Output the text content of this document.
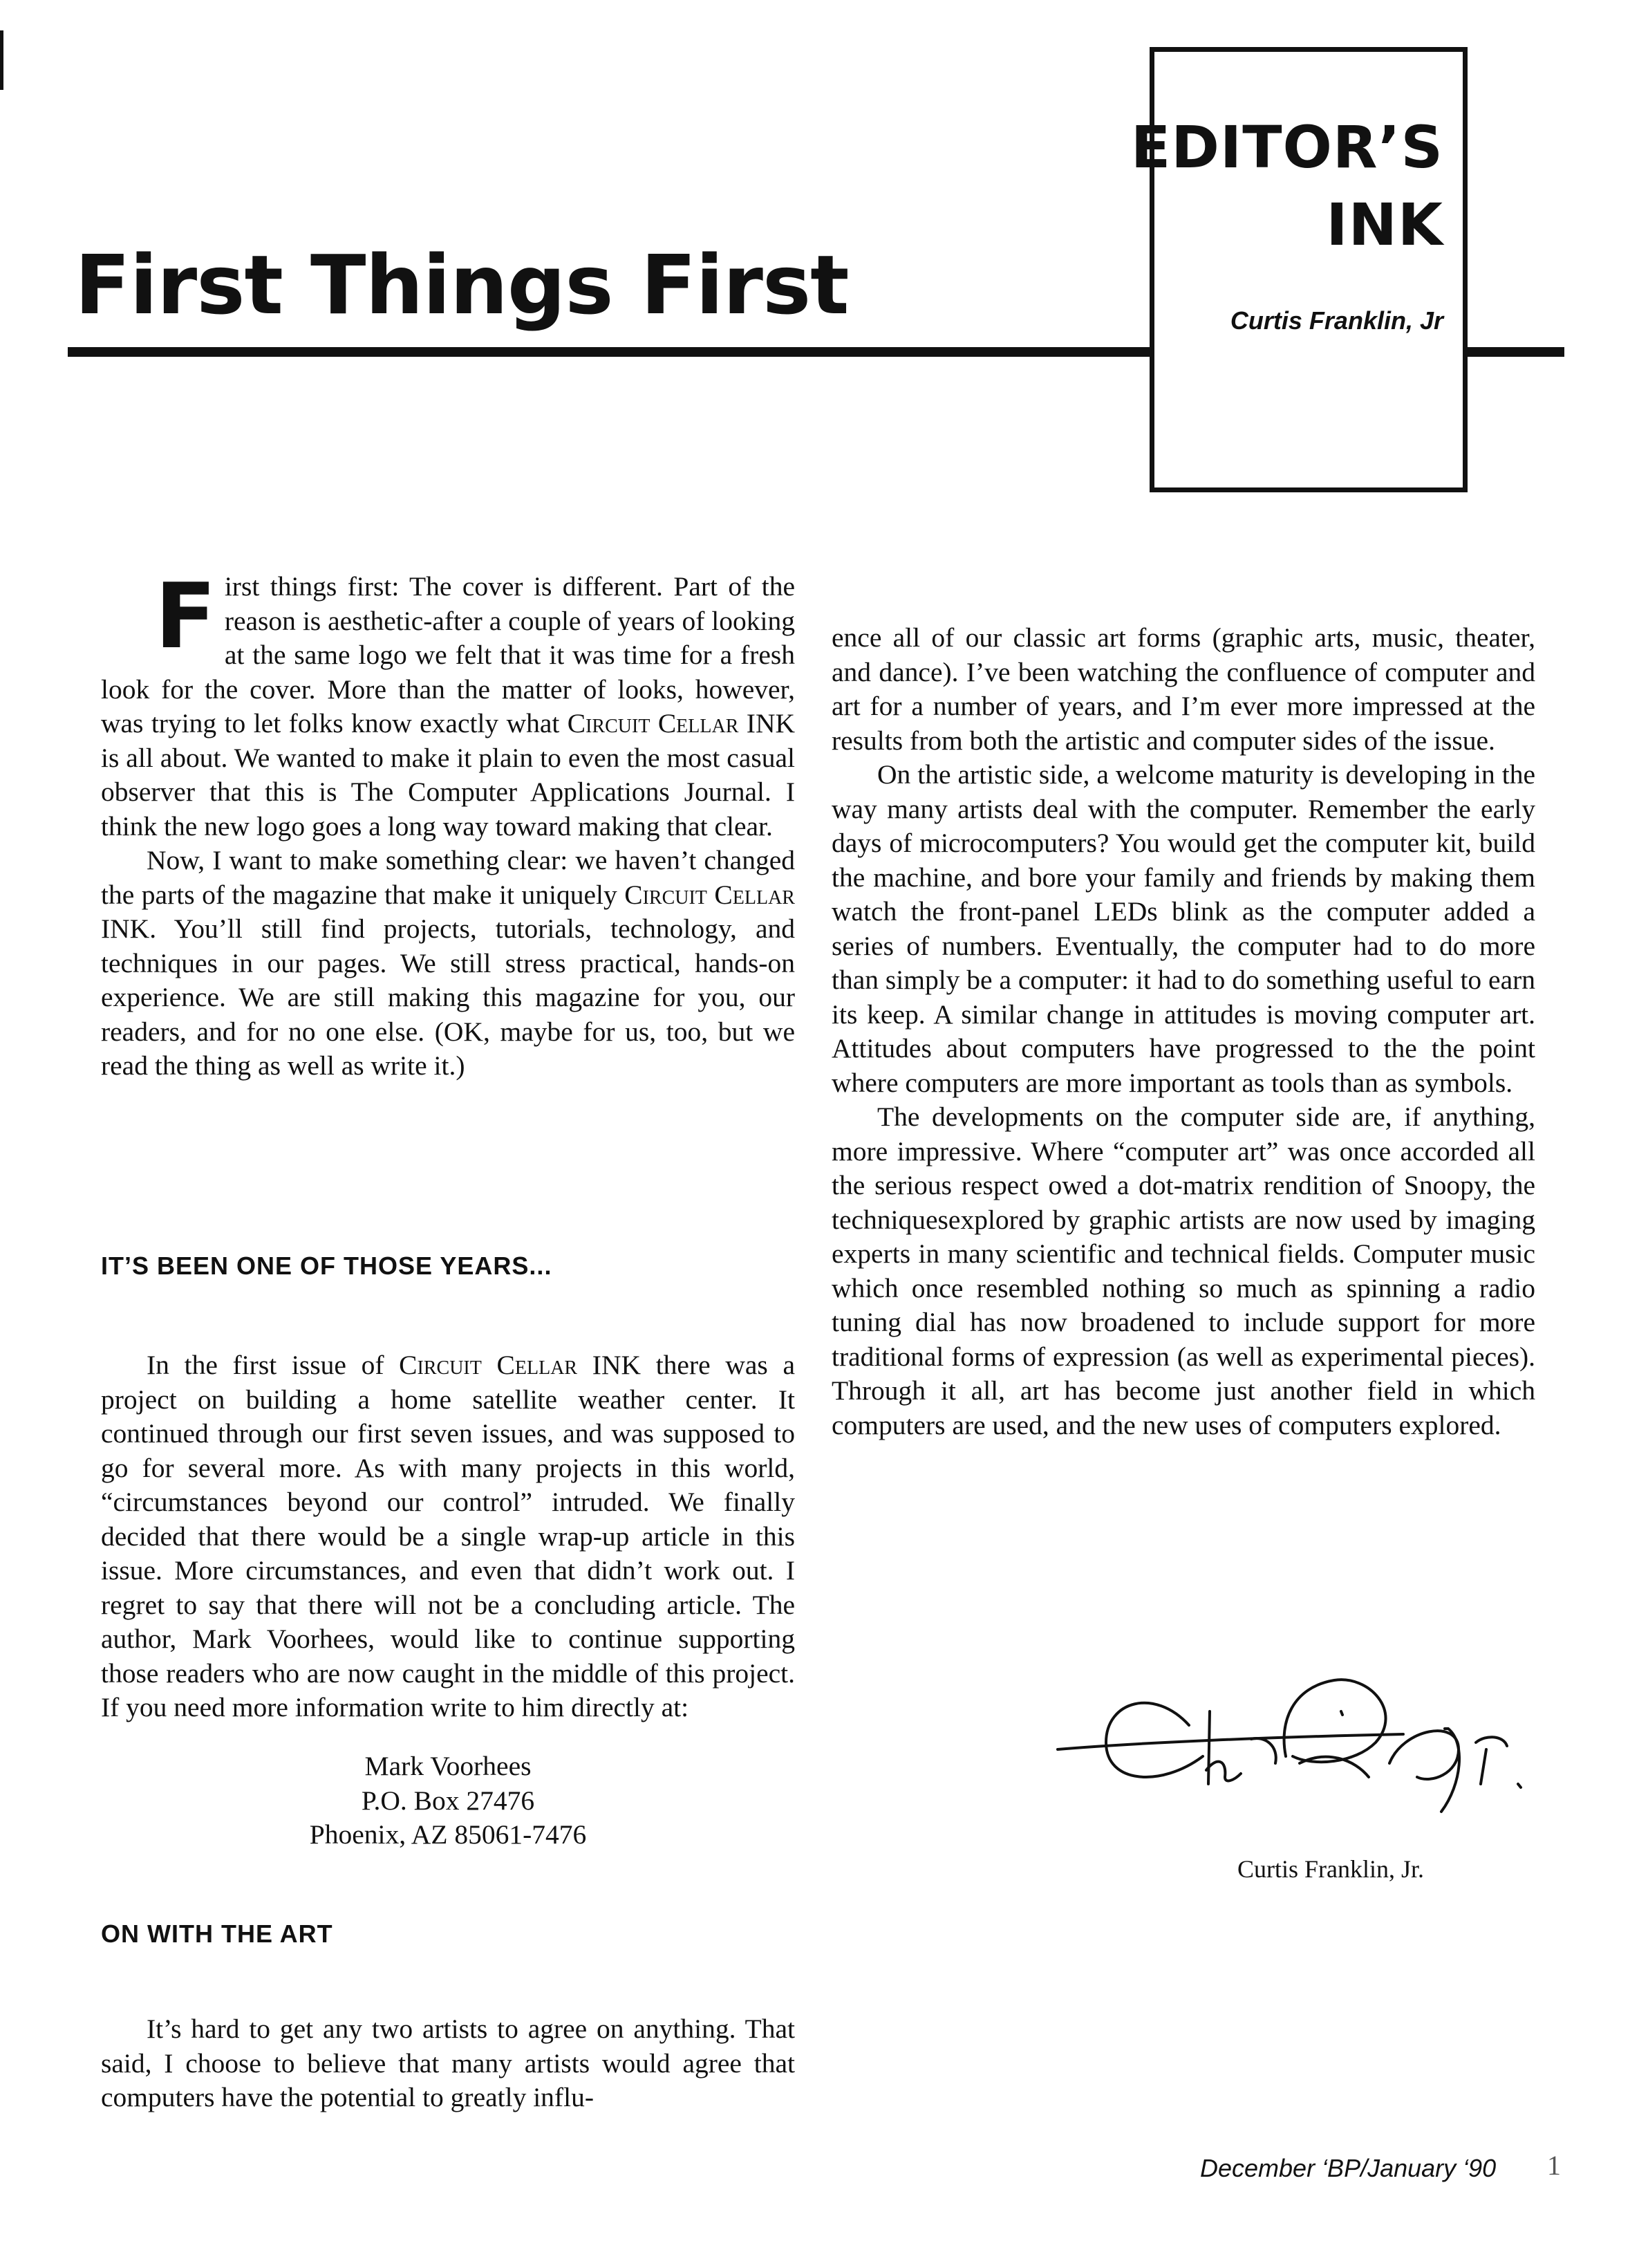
First Things First
EDITOR’S
INK
Curtis Franklin, Jr

First things first: The cover is different. Part of the reason is aesthetic-after a couple of years of looking at the same logo we felt that it was time for a fresh look for the cover. More than the matter of looks, however, was trying to let folks know exactly what Circuit Cellar INK is all about. We wanted to make it plain to even the most casual observer that this is The Computer Applications Journal. I think the new logo goes a long way toward making that clear.

Now, I want to make something clear: we haven’t changed the parts of the magazine that make it uniquely Circuit Cellar INK. You’ll still find projects, tutorials, technology, and techniques in our pages. We still stress practical, hands-on experience. We are still making this magazine for you, our readers, and for no one else. (OK, maybe for us, too, but we read the thing as well as write it.)

IT’S BEEN ONE OF THOSE YEARS...

In the first issue of Circuit Cellar INK there was a project on building a home satellite weather center. It continued through our first seven issues, and was supposed to go for several more. As with many projects in this world, “circumstances beyond our control” intruded. We finally decided that there would be a single wrap-up article in this issue. More circumstances, and even that didn’t work out. I regret to say that there will not be a concluding article. The author, Mark Voorhees, would like to continue supporting those readers who are now caught in the middle of this project. If you need more information write to him directly at:

Mark Voorhees
P.O. Box 27476
Phoenix, AZ 85061-7476
ON WITH THE ART

It’s hard to get any two artists to agree on anything. That said, I choose to believe that many artists would agree that computers have the potential to greatly influ-

ence all of our classic art forms (graphic arts, music, theater, and dance). I’ve been watching the confluence of computer and art for a number of years, and I’m ever more impressed at the results from both the artistic and computer sides of the issue.

On the artistic side, a welcome maturity is developing in the way many artists deal with the computer. Remember the early days of microcomputers? You would get the computer kit, build the machine, and bore your family and friends by making them watch the front-panel LEDs blink as the computer added a series of numbers. Eventually, the computer had to do more than simply be a computer: it had to do something useful to earn its keep. A similar change in attitudes is moving computer art. Attitudes about computers have progressed to the the point where computers are more important as tools than as symbols.

The developments on the computer side are, if anything, more impressive. Where “computer art” was once accorded all the serious respect owed a dot-matrix rendition of Snoopy, the techniquesexplored by graphic artists are now used by imaging experts in many scientific and technical fields. Computer music which once resembled nothing so much as spinning a radio tuning dial has now broadened to include support for more traditional forms of expression (as well as experimental pieces). Through it all, art has become just another field in which computers are used, and the new uses of computers explored.

Curtis Franklin, Jr.
December ‘BP/January ‘90 1
